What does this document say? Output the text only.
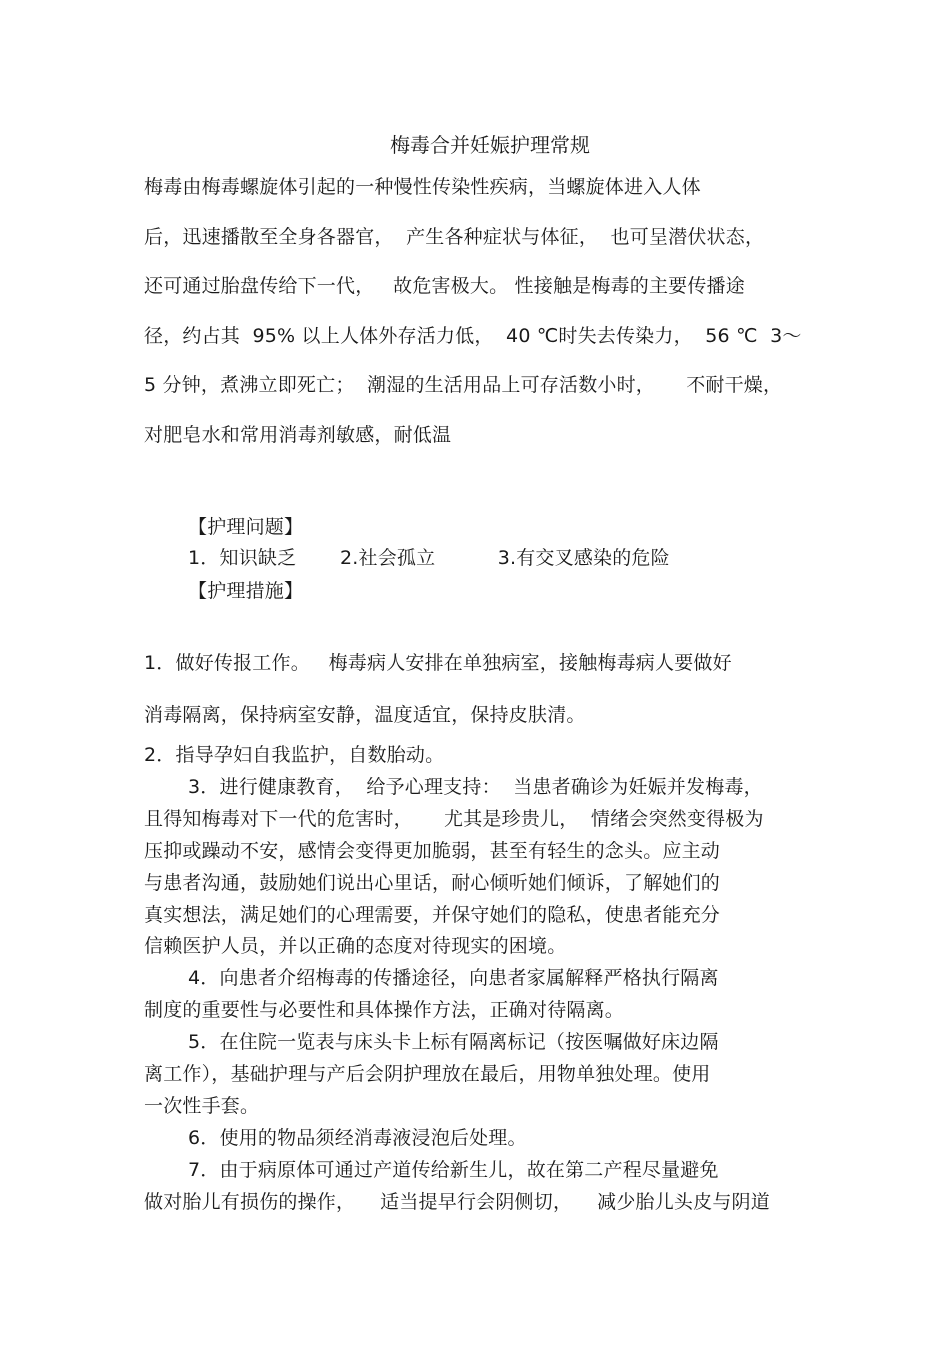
梅毒合并妊娠护理常规
梅毒由梅毒螺旋体引起的一种慢性传染性疾病，当螺旋体进入人体
后，迅速播散至全身各器官，  产生各种症状与体征，  也可呈潜伏状态，
还可通过胎盘传给下一代，   故危害极大。 性接触是梅毒的主要传播途
径，约占其  95% 以上人体外存活力低，  40 ℃时失去传染力，  56 ℃  3～
5 分钟，煮沸立即死亡；  潮湿的生活用品上可存活数小时，     不耐干燥，
对肥皂水和常用消毒剂敏感，耐低温
【护理问题】
1．知识缺乏       2.社会孤立          3.有交叉感染的危险
【护理措施】
1．做好传报工作。   梅毒病人安排在单独病室，接触梅毒病人要做好
消毒隔离，保持病室安静，温度适宜，保持皮肤清。
2．指导孕妇自我监护，自数胎动。
3．进行健康教育，  给予心理支持：  当患者确诊为妊娠并发梅毒，
且得知梅毒对下一代的危害时，     尤其是珍贵儿，  情绪会突然变得极为
压抑或躁动不安，感情会变得更加脆弱，甚至有轻生的念头。应主动
与患者沟通，鼓励她们说出心里话，耐心倾听她们倾诉，了解她们的
真实想法，满足她们的心理需要，并保守她们的隐私，使患者能充分
信赖医护人员，并以正确的态度对待现实的困境。
4．向患者介绍梅毒的传播途径，向患者家属解释严格执行隔离
制度的重要性与必要性和具体操作方法，正确对待隔离。
5．在住院一览表与床头卡上标有隔离标记（按医嘱做好床边隔
离工作），基础护理与产后会阴护理放在最后，用物单独处理。使用
一次性手套。
6．使用的物品须经消毒液浸泡后处理。
7．由于病原体可通过产道传给新生儿，故在第二产程尽量避免
做对胎儿有损伤的操作，    适当提早行会阴侧切，    减少胎儿头皮与阴道
